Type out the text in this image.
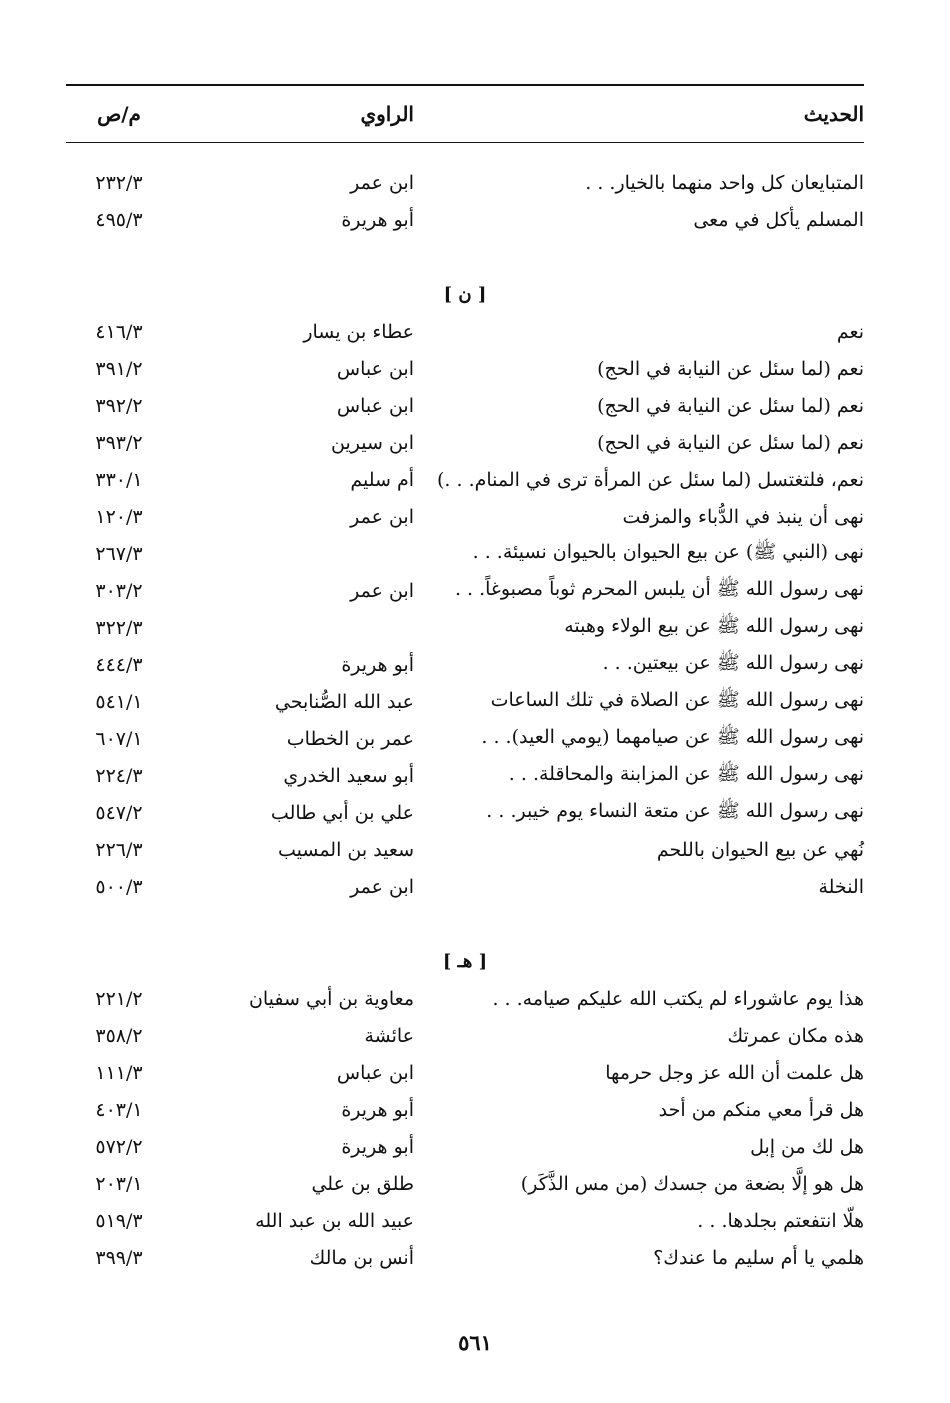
الحديث
الراوي
م/ص
المتبايعان كل واحد منهما بالخيار. . .
ابن عمر
٢٣٢/٣
المسلم يأكل في معى
أبو هريرة
٤٩٥/٣
[ ن ]
نعم
عطاء بن يسار
٤١٦/٣
نعم (لما سئل عن النيابة في الحج)
ابن عباس
٣٩١/٢
نعم (لما سئل عن النيابة في الحج)
ابن عباس
٣٩٢/٢
نعم (لما سئل عن النيابة في الحج)
ابن سيرين
٣٩٣/٢
نعم، فلتغتسل (لما سئل عن المرأة ترى في المنام. . .)
أم سليم
٣٣٠/١
نهى أن ينبذ في الدُّباء والمزفت
ابن عمر
١٢٠/٣
نهى (النبي ﷺ) عن بيع الحيوان بالحيوان نسيئة. . .
٢٦٧/٣
نهى رسول الله ﷺ أن يلبس المحرم ثوباً مصبوغاً. . .
ابن عمر
٣٠٣/٢
نهى رسول الله ﷺ عن بيع الولاء وهبته
٣٢٢/٣
نهى رسول الله ﷺ عن بيعتين. . .
أبو هريرة
٤٤٤/٣
نهى رسول الله ﷺ عن الصلاة في تلك الساعات
عبد الله الصُّنابحي
٥٤١/١
نهى رسول الله ﷺ عن صيامهما (يومي العيد). . .
عمر بن الخطاب
٦٠٧/١
نهى رسول الله ﷺ عن المزابنة والمحاقلة. . .
أبو سعيد الخدري
٢٢٤/٣
نهى رسول الله ﷺ عن متعة النساء يوم خيبر. . .
علي بن أبي طالب
٥٤٧/٢
نُهي عن بيع الحيوان باللحم
سعيد بن المسيب
٢٢٦/٣
النخلة
ابن عمر
٥٠٠/٣
[ هـ ]
هذا يوم عاشوراء لم يكتب الله عليكم صيامه. . .
معاوية بن أبي سفيان
٢٢١/٢
هذه مكان عمرتك
عائشة
٣٥٨/٢
هل علمت أن الله عز وجل حرمها
ابن عباس
١١١/٣
هل قرأ معي منكم من أحد
أبو هريرة
٤٠٣/١
هل لك من إبل
أبو هريرة
٥٧٢/٢
هل هو إلَّا بضعة من جسدك (من مس الذَّكَر)
طلق بن علي
٢٠٣/١
هلّا انتفعتم بجلدها. . .
عبيد الله بن عبد الله
٥١٩/٣
هلمي يا أم سليم ما عندك؟
أنس بن مالك
٣٩٩/٣
٥٦١
